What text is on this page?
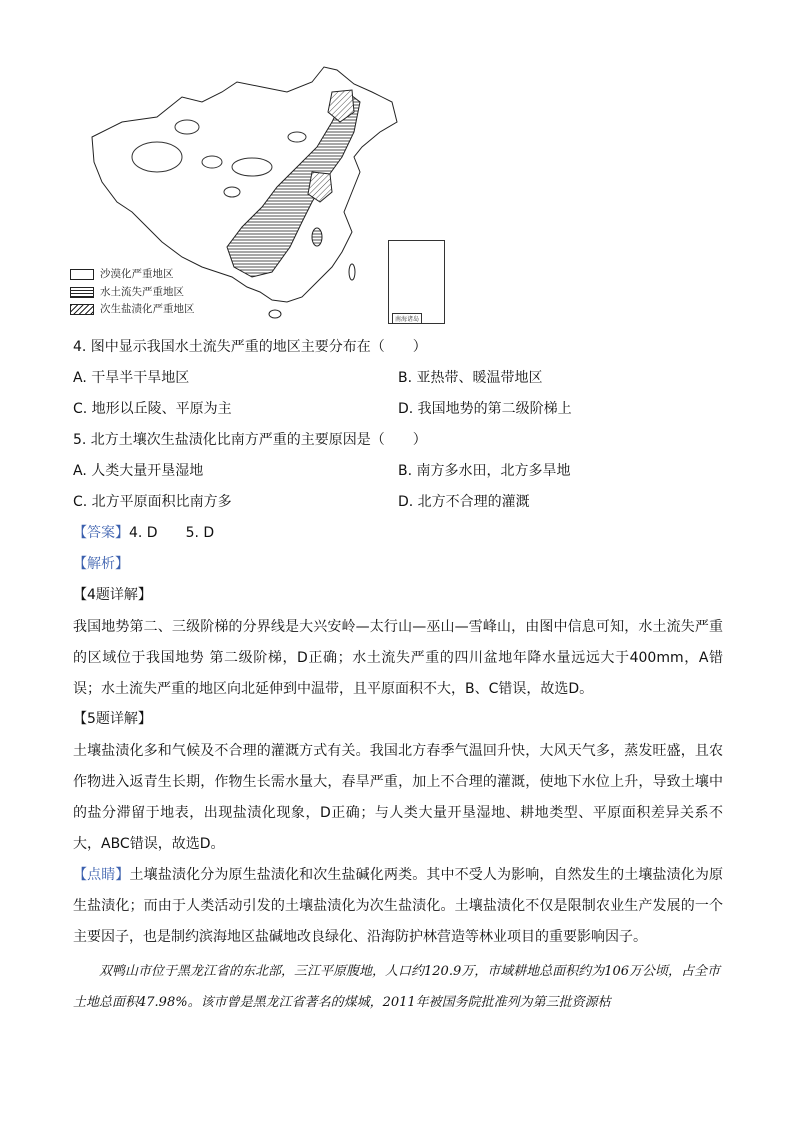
南海诸岛
沙漠化严重地区
水土流失严重地区
次生盐渍化严重地区
4. 图中显示我国水土流失严重的地区主要分布在（　　）
A. 干旱半干旱地区	B. 亚热带、暖温带地区
C. 地形以丘陵、平原为主	D. 我国地势的第二级阶梯上
5. 北方土壤次生盐渍化比南方严重的主要原因是（　　）
A. 人类大量开垦湿地	B. 南方多水田，北方多旱地
C. 北方平原面积比南方多	D. 北方不合理的灌溉
【答案】4. D　　5. D
【解析】
【4题详解】
我国地势第二、三级阶梯的分界线是大兴安岭—太行山—巫山—雪峰山，由图中信息可知，水土流失严重的区域位于我国地势 第二级阶梯，D正确；水土流失严重的四川盆地年降水量远远大于400mm，A错误；水土流失严重的地区向北延伸到中温带，且平原面积不大，B、C错误，故选D。
【5题详解】
土壤盐渍化多和气候及不合理的灌溉方式有关。我国北方春季气温回升快，大风天气多，蒸发旺盛，且农作物进入返青生长期，作物生长需水量大，春旱严重，加上不合理的灌溉，使地下水位上升，导致土壤中的盐分滞留于地表，出现盐渍化现象，D正确；与人类大量开垦湿地、耕地类型、平原面积差异关系不大，ABC错误，故选D。
【点睛】土壤盐渍化分为原生盐渍化和次生盐碱化两类。其中不受人为影响，自然发生的土壤盐渍化为原生盐渍化；而由于人类活动引发的土壤盐渍化为次生盐渍化。土壤盐渍化不仅是限制农业生产发展的一个主要因子，也是制约滨海地区盐碱地改良绿化、沿海防护林营造等林业项目的重要影响因子。
双鸭山市位于黑龙江省的东北部，三江平原腹地，人口约120.9万，市域耕地总面积约为106万公顷，占全市土地总面积47.98%。该市曾是黑龙江省著名的煤城，2011年被国务院批准列为第三批资源枯
